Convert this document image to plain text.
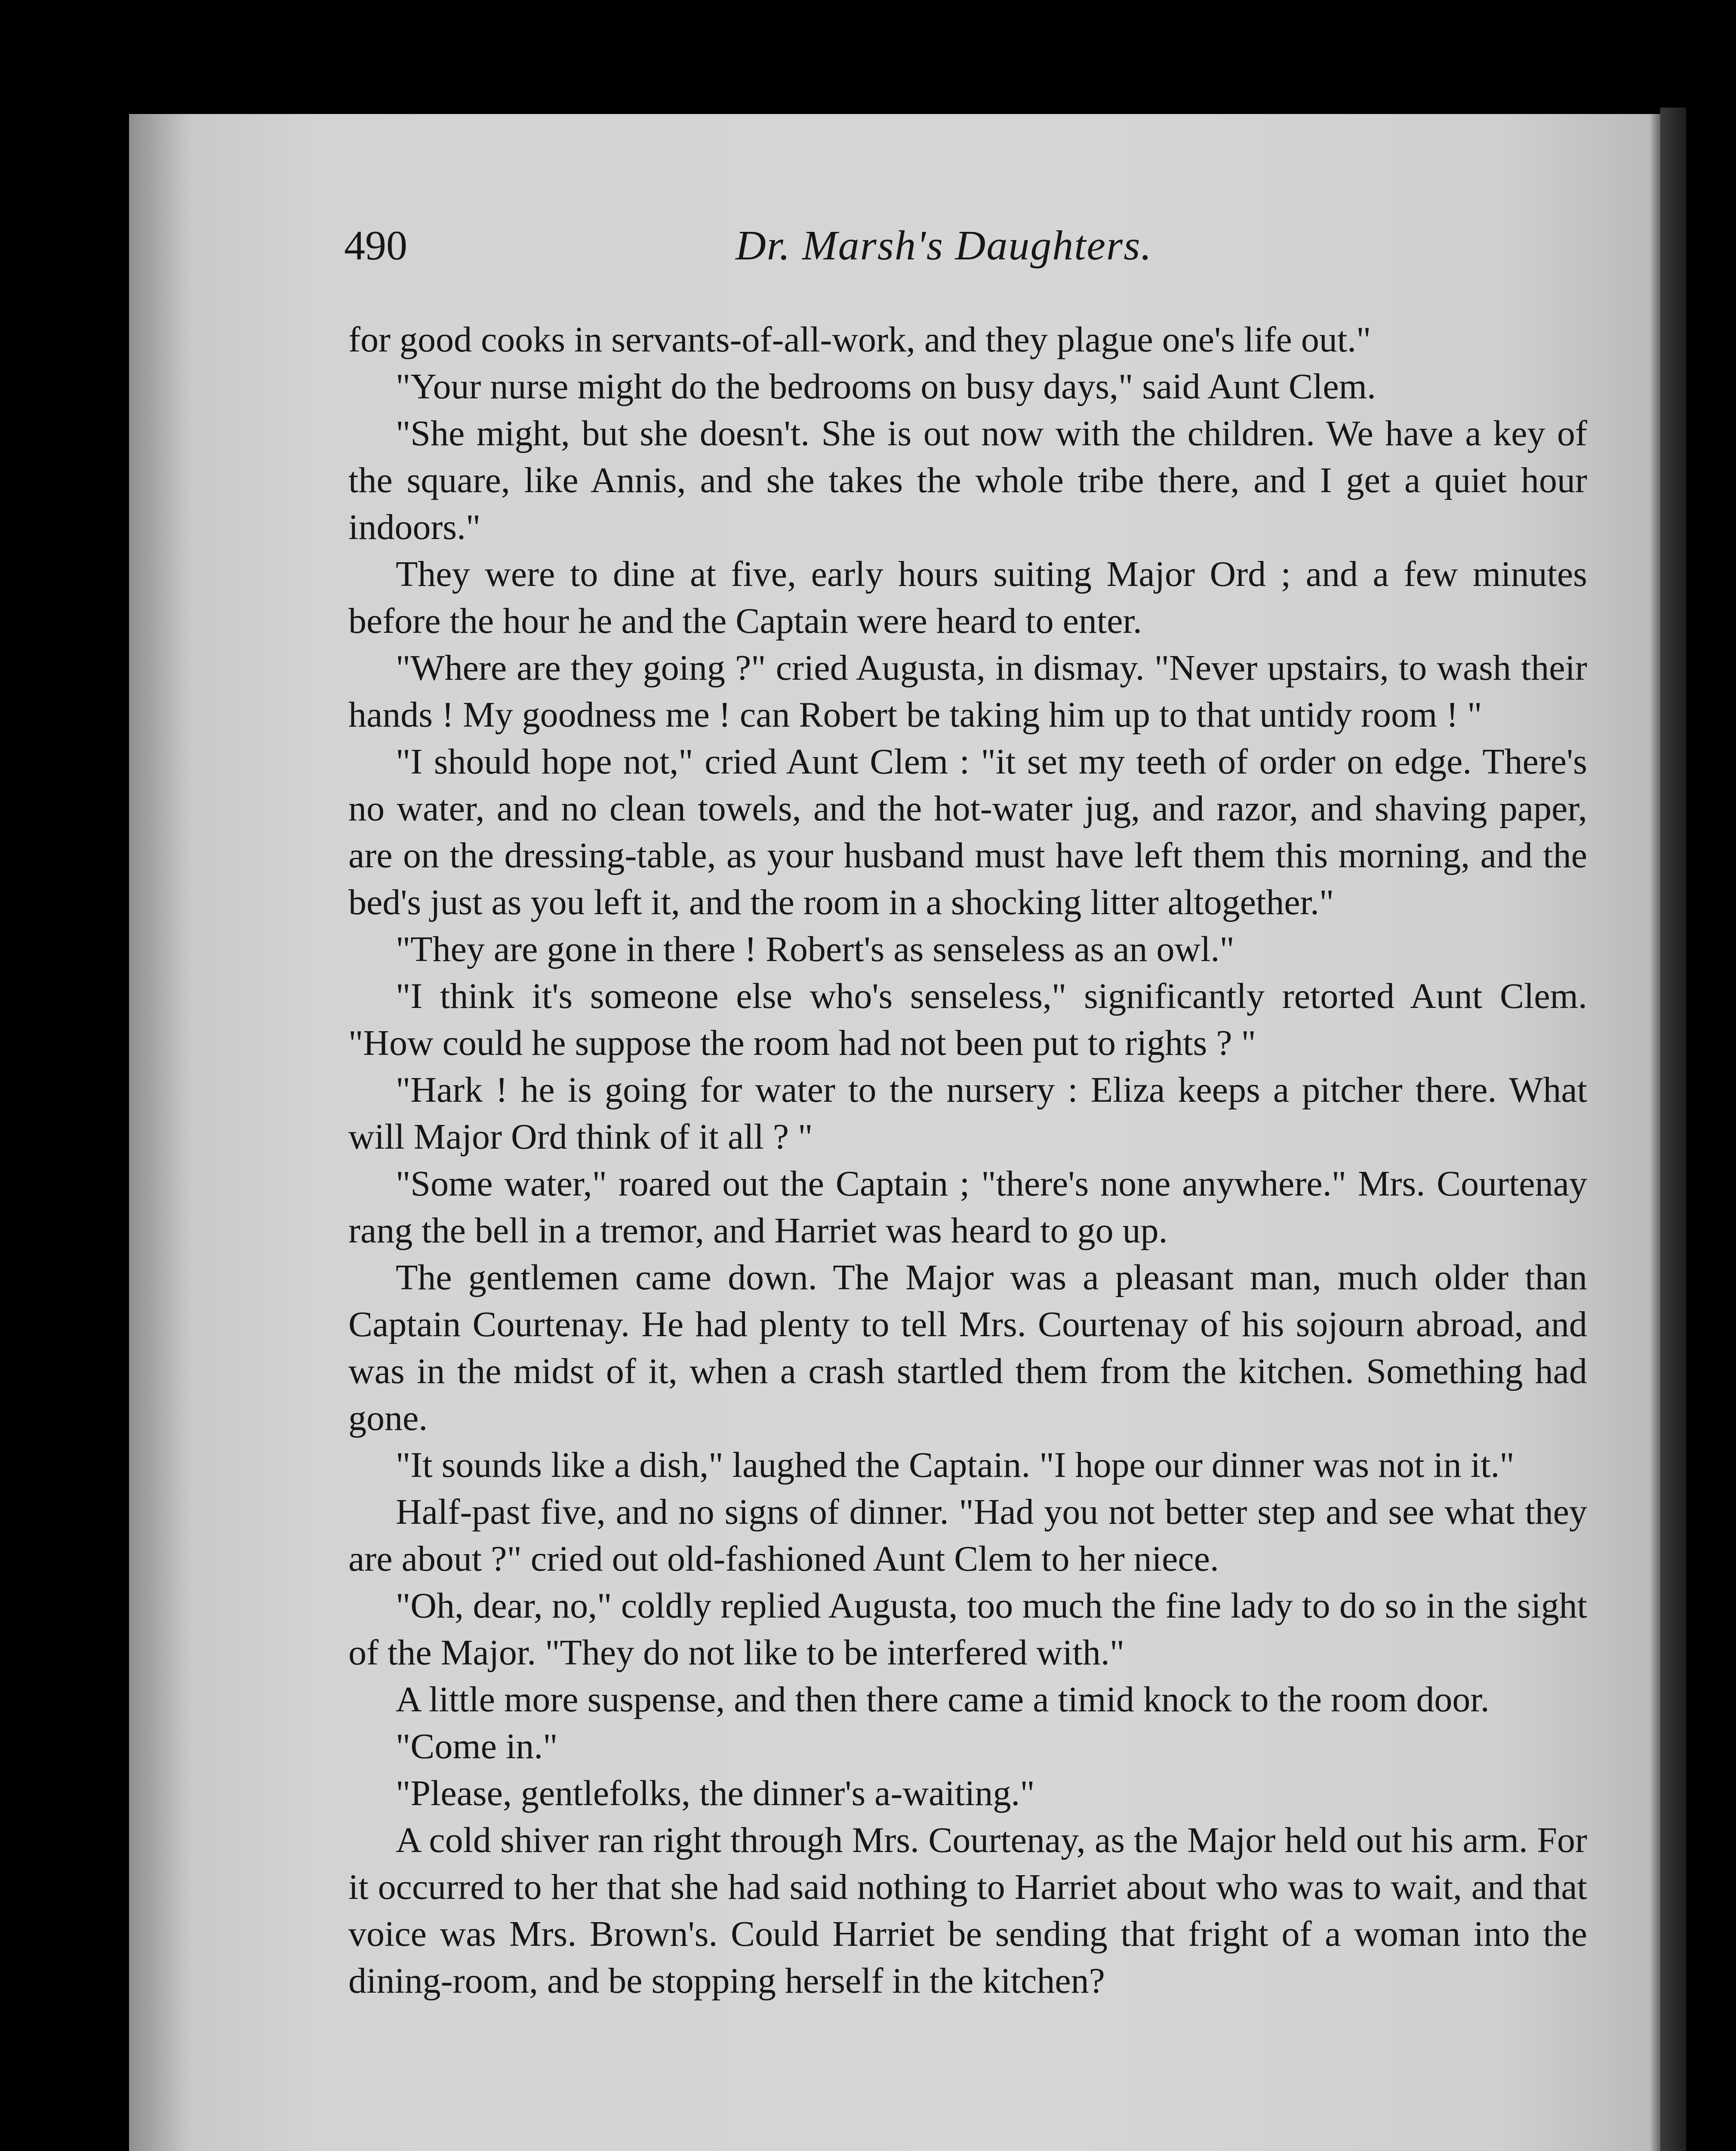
490	Dr. Marsh's Daughters.

for good cooks in servants-of-all-work, and they plague one's life out."

"Your nurse might do the bedrooms on busy days," said Aunt Clem.

"She might, but she doesn't. She is out now with the children. We have a key of the square, like Annis, and she takes the whole tribe there, and I get a quiet hour indoors."

They were to dine at five, early hours suiting Major Ord ; and a few minutes before the hour he and the Captain were heard to enter.

"Where are they going ?" cried Augusta, in dismay. "Never upstairs, to wash their hands ! My goodness me ! can Robert be taking him up to that untidy room ! "

"I should hope not," cried Aunt Clem : "it set my teeth of order on edge. There's no water, and no clean towels, and the hot-water jug, and razor, and shaving paper, are on the dressing-table, as your husband must have left them this morning, and the bed's just as you left it, and the room in a shocking litter altogether."

"They are gone in there ! Robert's as senseless as an owl."

"I think it's someone else who's senseless," significantly retorted Aunt Clem. "How could he suppose the room had not been put to rights ? "

"Hark ! he is going for water to the nursery : Eliza keeps a pitcher there. What will Major Ord think of it all ? "

"Some water," roared out the Captain ; "there's none anywhere." Mrs. Courtenay rang the bell in a tremor, and Harriet was heard to go up.

The gentlemen came down. The Major was a pleasant man, much older than Captain Courtenay. He had plenty to tell Mrs. Courtenay of his sojourn abroad, and was in the midst of it, when a crash startled them from the kitchen. Something had gone.

"It sounds like a dish," laughed the Captain. "I hope our dinner was not in it."

Half-past five, and no signs of dinner. "Had you not better step and see what they are about ?" cried out old-fashioned Aunt Clem to her niece.

"Oh, dear, no," coldly replied Augusta, too much the fine lady to do so in the sight of the Major. "They do not like to be interfered with."

A little more suspense, and then there came a timid knock to the room door.

"Come in."

"Please, gentlefolks, the dinner's a-waiting."

A cold shiver ran right through Mrs. Courtenay, as the Major held out his arm. For it occurred to her that she had said nothing to Harriet about who was to wait, and that voice was Mrs. Brown's. Could Harriet be sending that fright of a woman into the dining-room, and be stopping herself in the kitchen?
